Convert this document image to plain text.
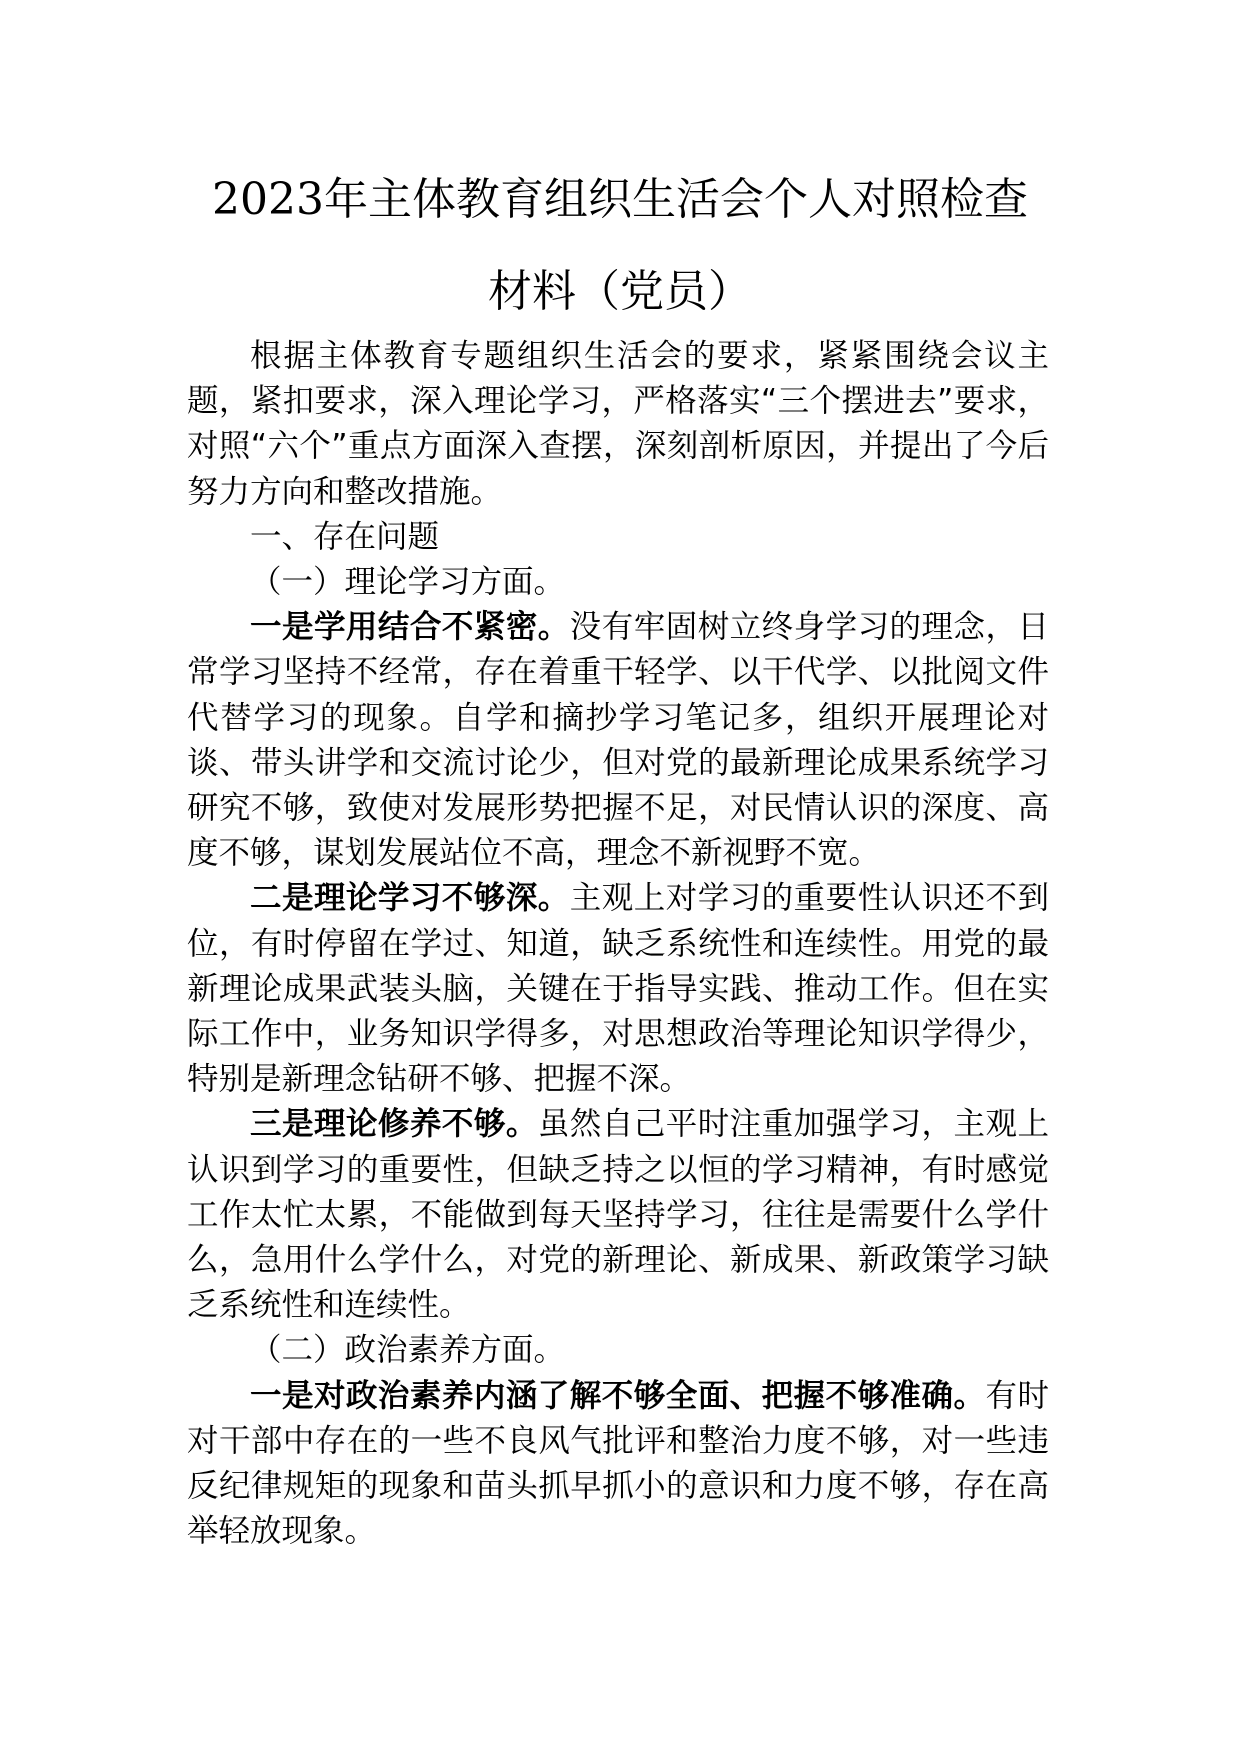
2023年主体教育组织生活会个人对照检查
材料（党员）

根据主体教育专题组织生活会的要求，紧紧围绕会议主题，紧扣要求，深入理论学习，严格落实“三个摆进去”要求，对照“六个”重点方面深入查摆，深刻剖析原因，并提出了今后努力方向和整改措施。

一、存在问题

（一）理论学习方面。

一是学用结合不紧密。没有牢固树立终身学习的理念，日常学习坚持不经常，存在着重干轻学、以干代学、以批阅文件代替学习的现象。自学和摘抄学习笔记多，组织开展理论对谈、带头讲学和交流讨论少，但对党的最新理论成果系统学习研究不够，致使对发展形势把握不足，对民情认识的深度、高度不够，谋划发展站位不高，理念不新视野不宽。

二是理论学习不够深。主观上对学习的重要性认识还不到位，有时停留在学过、知道，缺乏系统性和连续性。用党的最新理论成果武装头脑，关键在于指导实践、推动工作。但在实际工作中，业务知识学得多，对思想政治等理论知识学得少，特别是新理念钻研不够、把握不深。

三是理论修养不够。虽然自己平时注重加强学习，主观上认识到学习的重要性，但缺乏持之以恒的学习精神，有时感觉工作太忙太累，不能做到每天坚持学习，往往是需要什么学什么，急用什么学什么，对党的新理论、新成果、新政策学习缺乏系统性和连续性。

（二）政治素养方面。

一是对政治素养内涵了解不够全面、把握不够准确。有时对干部中存在的一些不良风气批评和整治力度不够，对一些违反纪律规矩的现象和苗头抓早抓小的意识和力度不够，存在高举轻放现象。
